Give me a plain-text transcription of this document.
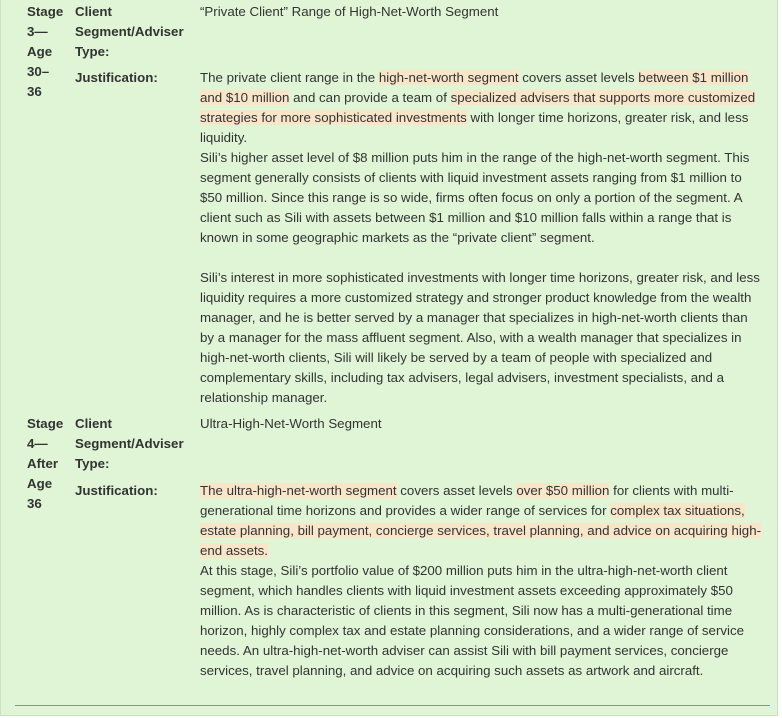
Stage
3—
Age
30–
36
Client
Segment/Adviser
Type:
“Private Client” Range of High-Net-Worth Segment
Justification:	The private client range in the high-net-worth segment covers asset levels between $1 million and $10 million and can provide a team of specialized advisers that supports more customized strategies for more sophisticated investments with longer time horizons, greater risk, and less liquidity.
Sili’s higher asset level of $8 million puts him in the range of the high-net-worth segment. This segment generally consists of clients with liquid investment assets ranging from $1 million to $50 million. Since this range is so wide, firms often focus on only a portion of the segment. A client such as Sili with assets between $1 million and $10 million falls within a range that is known in some geographic markets as the “private client” segment.
Sili’s interest in more sophisticated investments with longer time horizons, greater risk, and less liquidity requires a more customized strategy and stronger product knowledge from the wealth manager, and he is better served by a manager that specializes in high-net-worth clients than by a manager for the mass affluent segment. Also, with a wealth manager that specializes in high-net-worth clients, Sili will likely be served by a team of people with specialized and complementary skills, including tax advisers, legal advisers, investment specialists, and a relationship manager.
Stage
4—
After
Age
36
Client
Segment/Adviser
Type:
Ultra-High-Net-Worth Segment
Justification:	The ultra-high-net-worth segment covers asset levels over $50 million for clients with multi-generational time horizons and provides a wider range of services for complex tax situations, estate planning, bill payment, concierge services, travel planning, and advice on acquiring high-end assets.
At this stage, Sili’s portfolio value of $200 million puts him in the ultra-high-net-worth client segment, which handles clients with liquid investment assets exceeding approximately $50 million. As is characteristic of clients in this segment, Sili now has a multi-generational time horizon, highly complex tax and estate planning considerations, and a wider range of service needs. An ultra-high-net-worth adviser can assist Sili with bill payment services, concierge services, travel planning, and advice on acquiring such assets as artwork and aircraft.
